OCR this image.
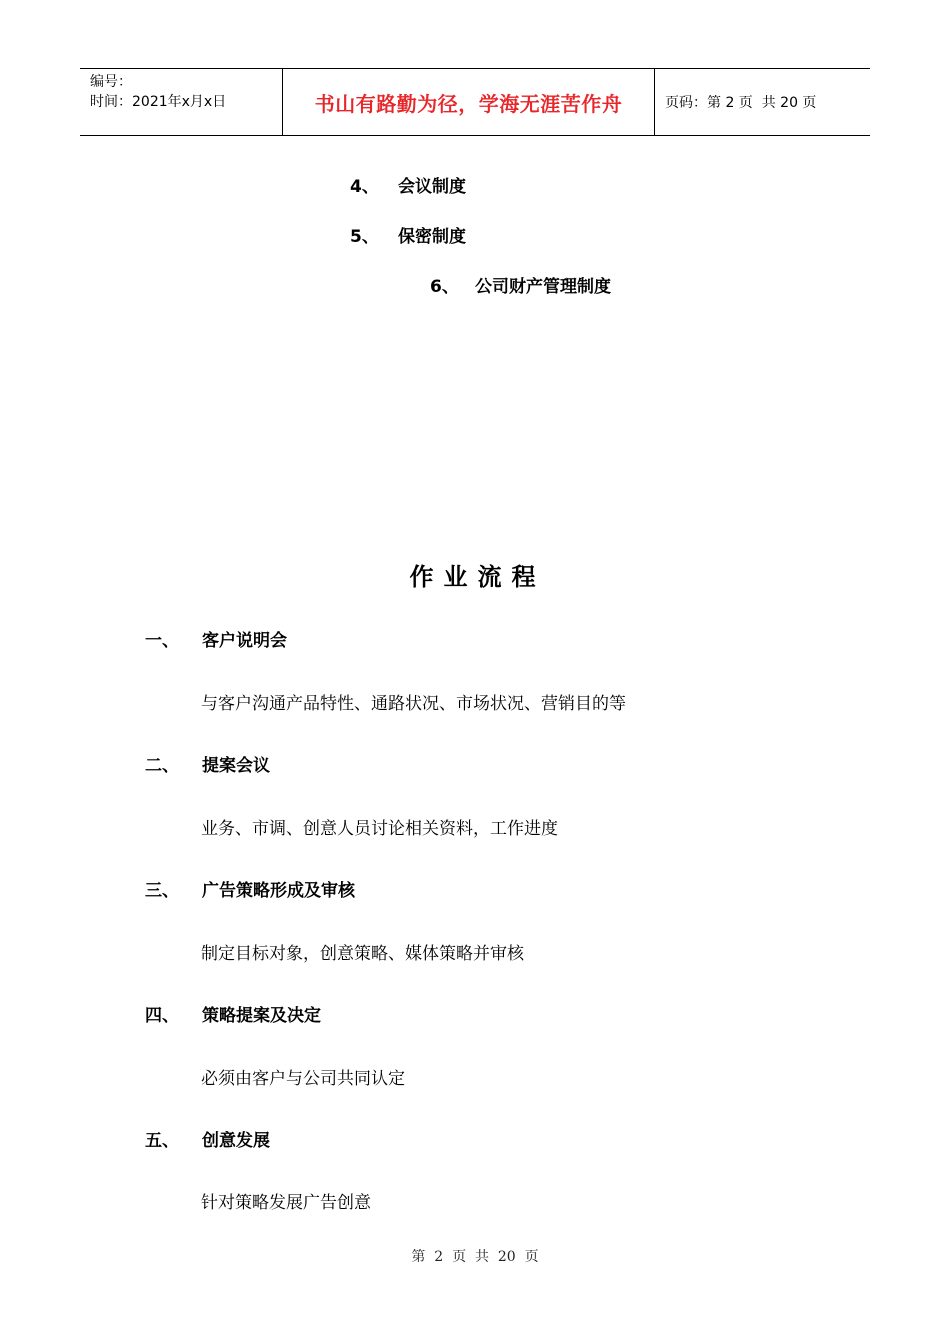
编号：
时间：2021年x月x日	书山有路勤为径，学海无涯苦作舟	页码：第 2 页  共 20 页
4、	会议制度
5、	保密制度
6、 公司财产管理制度
作业流程
一、	客户说明会
与客户沟通产品特性、通路状况、市场状况、营销目的等
二、	提案会议
业务、市调、创意人员讨论相关资料，工作进度
三、	广告策略形成及审核
制定目标对象，创意策略、媒体策略并审核
四、	策略提案及决定
必须由客户与公司共同认定
五、	创意发展
针对策略发展广告创意
第  2  页  共  20  页
